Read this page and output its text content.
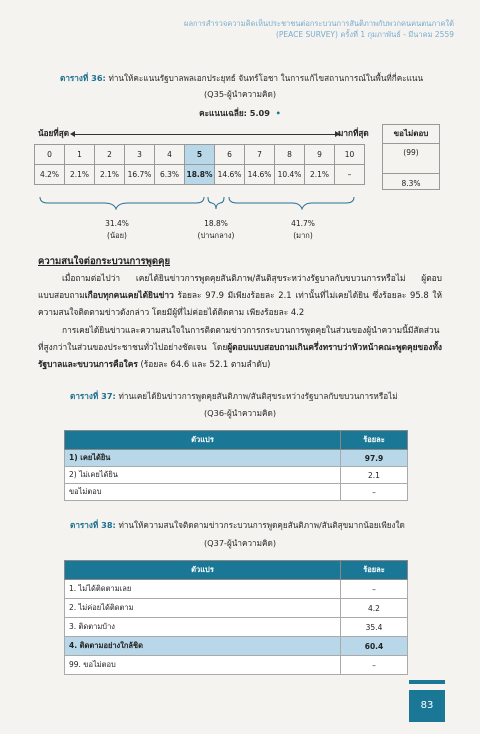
ผลการสำรวจความคิดเห็นประชาชนต่อกระบวนการสันติภาพกับพวกคนคนตนภาคใต้
(PEACE SURVEY) ครั้งที่ 1 กุมภาพันธ์ - มีนาคม 2559
ตารางที่ 36: ท่านให้คะแนนรัฐบาลพลเอกประยุทธ์ จันทร์โอชา ในการแก้ไขสถานการณ์ในพื้นที่กี่คะแนน
(Q35-ผู้นำความคิด)
คะแนนเฉลี่ย: 5.09 •
น้อยที่สุด	มากที่สุด
0	1	2	3	4	5	6	7	8	9	10
4.2%	2.1%	2.1%	16.7%	6.3%	18.8%	14.6%	14.6%	10.4%	2.1%	–
ขอไม่ตอบ
(99)
8.3%
31.4%
(น้อย)
18.8%
(ปานกลาง)
41.7%
(มาก)
ความสนใจต่อกระบวนการพูดคุย
เมื่อถามต่อไปว่า เคยได้ยินข่าวการพูดคุยสันติภาพ/สันติสุขระหว่างรัฐบาลกับขบวนการหรือไม่ ผู้ตอบแบบสอบถามเกือบทุกคนเคยได้ยินข่าว ร้อยละ 97.9 มีเพียงร้อยละ 2.1 เท่านั้นที่ไม่เคยได้ยิน ซึ่งร้อยละ 95.8 ให้ความสนใจติดตามข่าวดังกล่าว โดยมีผู้ที่ไม่ค่อยได้ติดตาม เพียงร้อยละ 4.2
การเคยได้ยินข่าวและความสนใจในการติดตามข่าวการกระบวนการพูดคุยในส่วนของผู้นำความนี้มีสัดส่วนที่สูงกว่าในส่วนของประชาชนทั่วไปอย่างชัดเจน โดยผู้ตอบแบบสอบถามเกินครึ่งทราบว่าหัวหน้าคณะพูดคุยของทั้งรัฐบาลและขบวนการคือใคร (ร้อยละ 64.6 และ 52.1 ตามลำดับ)
ตารางที่ 37: ท่านเคยได้ยินข่าวการพูดคุยสันติภาพ/สันติสุขระหว่างรัฐบาลกับขบวนการหรือไม่
(Q36-ผู้นำความคิด)
ตัวแปร	ร้อยละ
1) เคยได้ยิน	97.9
2) ไม่เคยได้ยิน	2.1
ขอไม่ตอบ	–
ตารางที่ 38: ท่านให้ความสนใจติดตามข่าวกระบวนการพูดคุยสันติภาพ/สันติสุขมากน้อยเพียงใด
(Q37-ผู้นำความคิด)
ตัวแปร	ร้อยละ
1. ไม่ได้ติดตามเลย	–
2. ไม่ค่อยได้ติดตาม	4.2
3. ติดตามบ้าง	35.4
4. ติดตามอย่างใกล้ชิด	60.4
99. ขอไม่ตอบ	–
83
